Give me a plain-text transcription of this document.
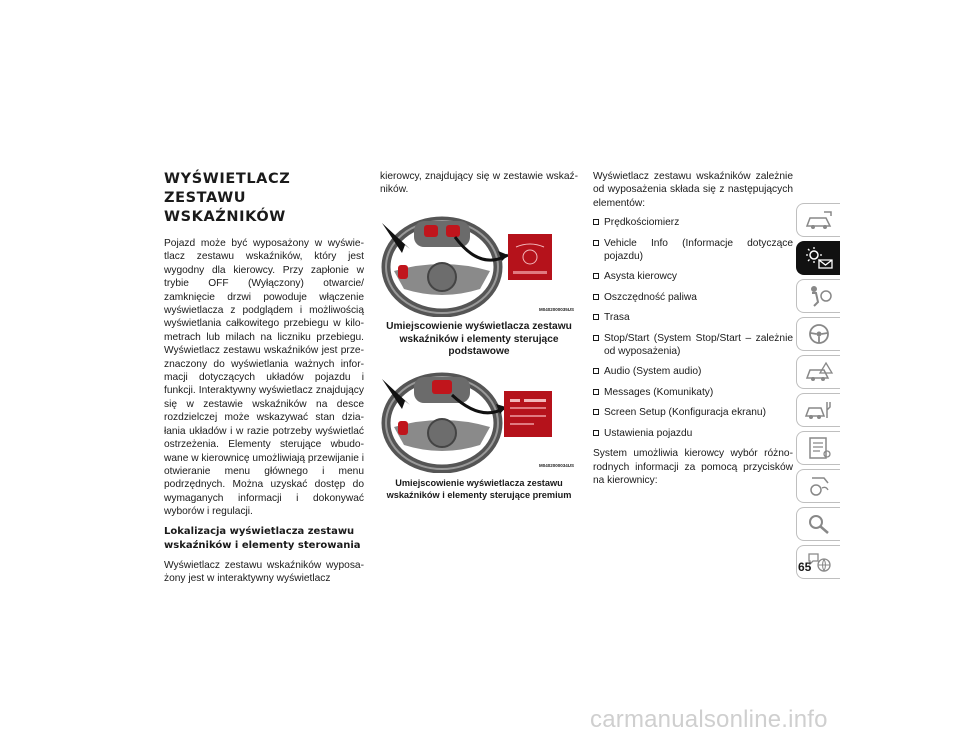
WYŚWIETLACZ ZESTAWU WSKAŹNIKÓW

Pojazd może być wyposażony w wyświetlacz zestawu wskaźników, który jest wygodny dla kierowcy. Przy zapłonie w trybie OFF (Wyłączony) otwarcie/ zamknięcie drzwi powoduje włączenie wyświetlacza z podglądem i możliwością wyświetlania całkowitego przebiegu w kilometrach lub milach na liczniku przebiegu. Wyświetlacz zestawu wskaźników jest przeznaczony do wyświetlania ważnych informacji dotyczących układów pojazdu i funkcji. Interaktywny wyświetlacz znajdujący się w zestawie wskaźników na desce rozdzielczej może wskazywać stan działania układów i w razie potrzeby wyświetlać ostrzeżenia. Elementy sterujące wbudowane w kierownicę umożliwiają przewijanie i otwieranie menu głównego i menu podrzędnych. Można uzyskać dostęp do wymaganych informacji i dokonywać wyborów i regulacji.

Lokalizacja wyświetlacza zestawu wskaźników i elementy sterowania

Wyświetlacz zestawu wskaźników wyposażony jest w interaktywny wyświetlacz

kierowcy, znajdujący się w zestawie wskaźników.

M0402000035US
Umiejscowienie wyświetlacza zestawu wskaźników i elementy sterujące podstawowe
M0402000034US
Umiejscowienie wyświetlacza zestawu wskaźników i elementy sterujące premium

Wyświetlacz zestawu wskaźników zależnie od wyposażenia składa się z następujących elementów:

Prędkościomierz
Vehicle Info (Informacje dotyczące pojazdu)
Asysta kierowcy
Oszczędność paliwa
Trasa
Stop/Start (System Stop/Start – zależnie od wyposażenia)
Audio (System audio)
Messages (Komunikaty)
Screen Setup (Konfiguracja ekranu)
Ustawienia pojazdu

System umożliwia kierowcy wybór różnorodnych informacji za pomocą przycisków na kierownicy:

65
carmanualsonline.info
